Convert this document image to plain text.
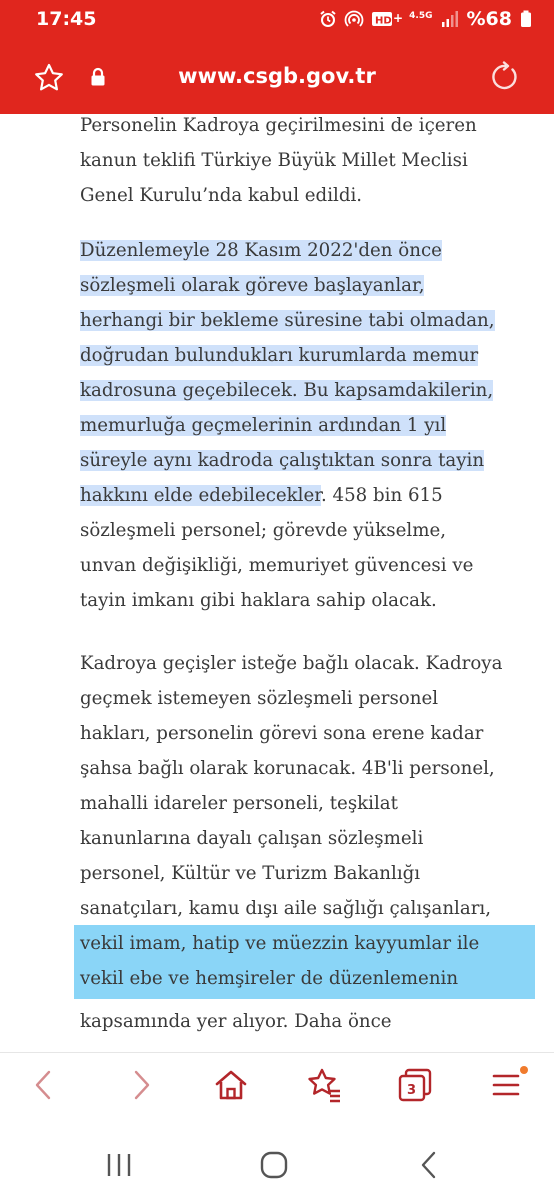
17:45	HD + 4.5G %68
www.csgb.gov.tr
Personelin Kadroya geçirilmesini de içeren
kanun teklifi Türkiye Büyük Millet Meclisi
Genel Kurulu’nda kabul edildi.
Düzenlemeyle 28 Kasım 2022'den önce
sözleşmeli olarak göreve başlayanlar,
herhangi bir bekleme süresine tabi olmadan,
doğrudan bulundukları kurumlarda memur
kadrosuna geçebilecek. Bu kapsamdakilerin,
memurluğa geçmelerinin ardından 1 yıl
süreyle aynı kadroda çalıştıktan sonra tayin
hakkını elde edebilecekler. 458 bin 615
sözleşmeli personel; görevde yükselme,
unvan değişikliği, memuriyet güvencesi ve
tayin imkanı gibi haklara sahip olacak.
Kadroya geçişler isteğe bağlı olacak. Kadroya
geçmek istemeyen sözleşmeli personel
hakları, personelin görevi sona erene kadar
şahsa bağlı olarak korunacak. 4B'li personel,
mahalli idareler personeli, teşkilat
kanunlarına dayalı çalışan sözleşmeli
personel, Kültür ve Turizm Bakanlığı
sanatçıları, kamu dışı aile sağlığı çalışanları,
vekil imam, hatip ve müezzin kayyumlar ile
vekil ebe ve hemşireler de düzenlemenin
kapsamında yer alıyor. Daha önce
3
